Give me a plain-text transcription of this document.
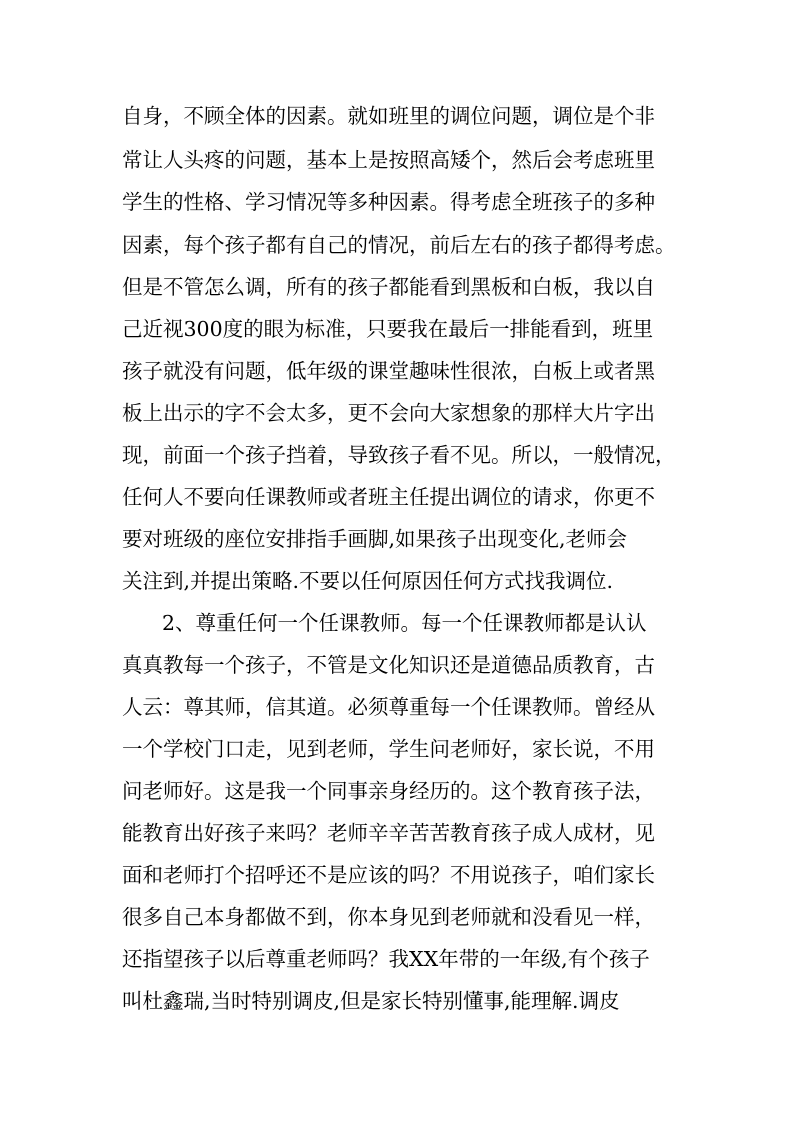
自身，不顾全体的因素。就如班里的调位问题，调位是个非
常让人头疼的问题，基本上是按照高矮个，然后会考虑班里
学生的性格、学习情况等多种因素。得考虑全班孩子的多种
因素，每个孩子都有自己的情况，前后左右的孩子都得考虑。
但是不管怎么调，所有的孩子都能看到黑板和白板，我以自
己近视300度的眼为标准，只要我在最后一排能看到，班里
孩子就没有问题，低年级的课堂趣味性很浓，白板上或者黑
板上出示的字不会太多，更不会向大家想象的那样大片字出
现，前面一个孩子挡着，导致孩子看不见。所以，一般情况，
任何人不要向任课教师或者班主任提出调位的请求，你更不
要对班级的座位安排指手画脚,如果孩子出现变化,老师会
关注到,并提出策略.不要以任何原因任何方式找我调位.
2、尊重任何一个任课教师。每一个任课教师都是认认
真真教每一个孩子，不管是文化知识还是道德品质教育，古
人云：尊其师，信其道。必须尊重每一个任课教师。曾经从
一个学校门口走，见到老师，学生问老师好，家长说，不用
问老师好。这是我一个同事亲身经历的。这个教育孩子法，
能教育出好孩子来吗？老师辛辛苦苦教育孩子成人成材，见
面和老师打个招呼还不是应该的吗？不用说孩子，咱们家长
很多自己本身都做不到，你本身见到老师就和没看见一样，
还指望孩子以后尊重老师吗？我XX年带的一年级,有个孩子
叫杜鑫瑞,当时特别调皮,但是家长特别懂事,能理解.调皮
